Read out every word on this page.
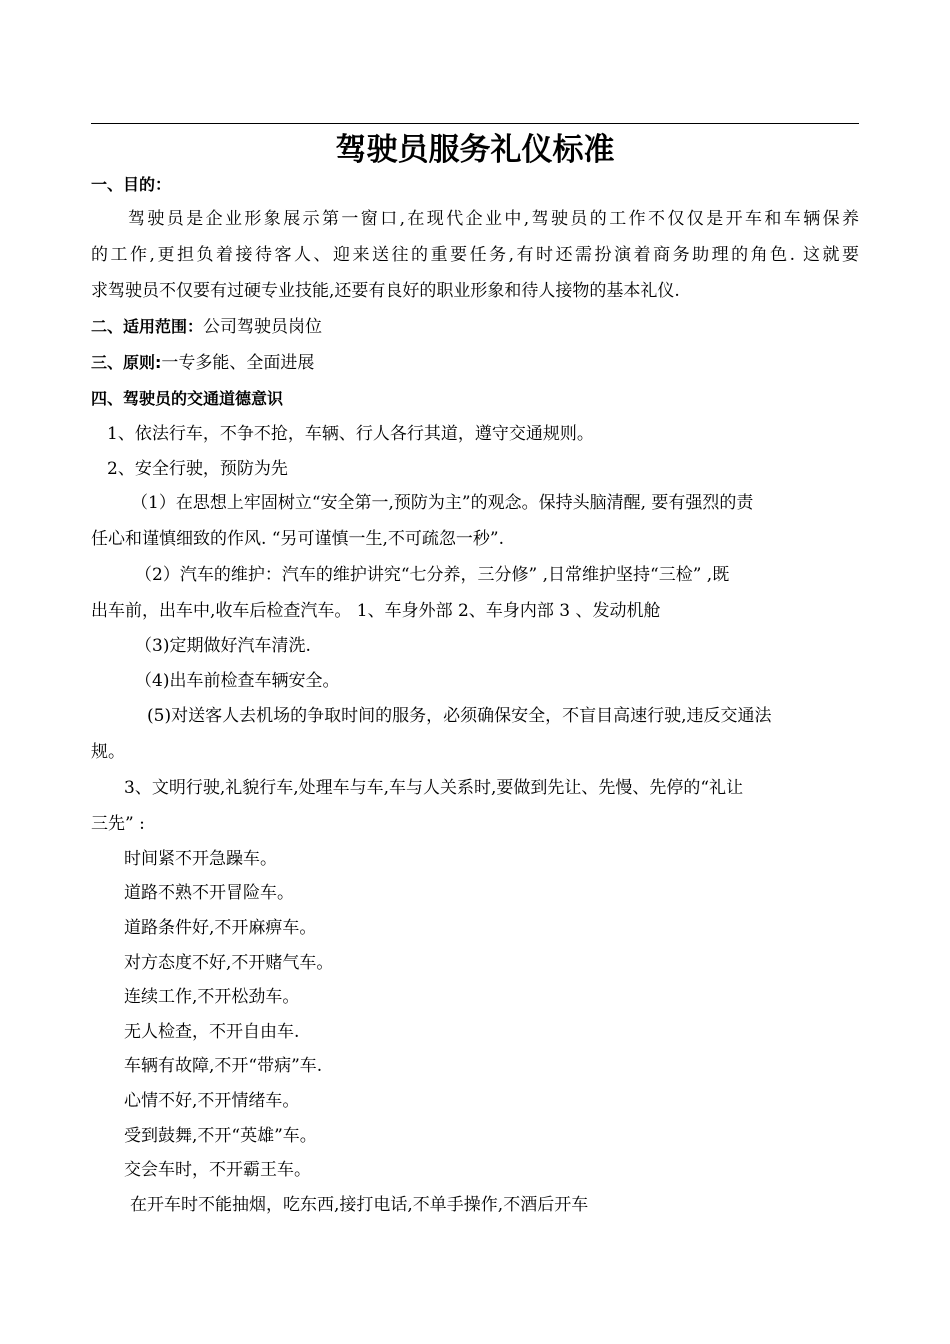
驾驶员服务礼仪标准
一、目的：
驾驶员是企业形象展示第一窗口,在现代企业中,驾驶员的工作不仅仅是开车和车辆保养
的工作,更担负着接待客人、迎来送往的重要任务,有时还需扮演着商务助理的角色. 这就要
求驾驶员不仅要有过硬专业技能,还要有良好的职业形象和待人接物的基本礼仪.
二、适用范围：公司驾驶员岗位
三、原则:一专多能、全面进展
四、驾驶员的交通道德意识
1、依法行车，不争不抢，车辆、行人各行其道，遵守交通规则。
2、安全行驶，预防为先
（1）在思想上牢固树立“安全第一,预防为主”的观念。保持头脑清醒, 要有强烈的责
任心和谨慎细致的作风. “另可谨慎一生,不可疏忽一秒”.
（2）汽车的维护：汽车的维护讲究“七分养，三分修” ,日常维护坚持“三检” ,既
出车前，出车中,收车后检查汽车。 1、车身外部 2、车身内部 3 、发动机舱
（3)定期做好汽车清洗.
（4)出车前检查车辆安全。
(5)对送客人去机场的争取时间的服务，必须确保安全，不盲目高速行驶,违反交通法
规。
3、文明行驶,礼貌行车,处理车与车,车与人关系时,要做到先让、先慢、先停的“礼让
三先” :
时间紧不开急躁车。
道路不熟不开冒险车。
道路条件好,不开麻痹车。
对方态度不好,不开赌气车。
连续工作,不开松劲车。
无人检查，不开自由车.
车辆有故障,不开“带病”车.
心情不好,不开情绪车。
受到鼓舞,不开“英雄”车。
交会车时，不开霸王车。
在开车时不能抽烟，吃东西,接打电话,不单手操作,不酒后开车
